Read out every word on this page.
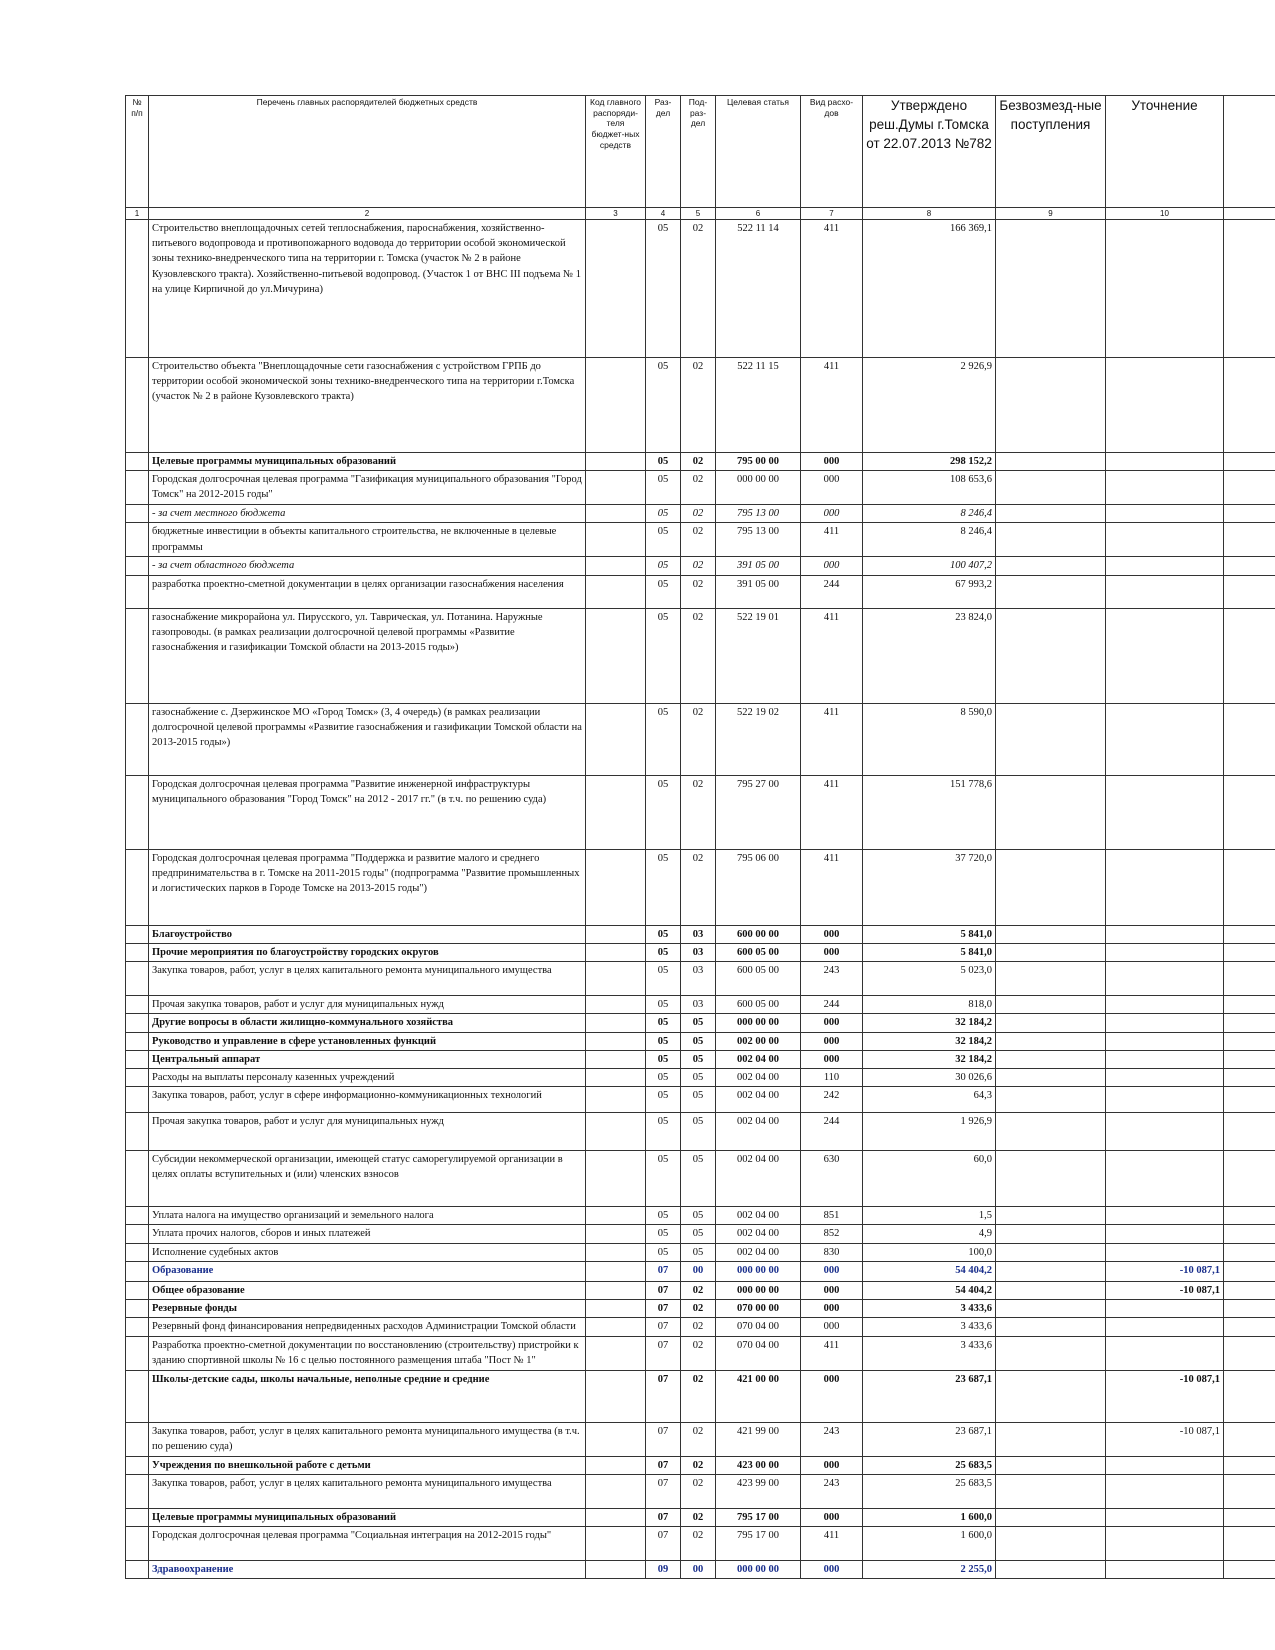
№ п/п	Перечень главных распорядителей бюджетных средств	Код главного распоряди-теля бюджет-ных средств	Раз-дел	Под-раз-дел	Целевая статья	Вид расхо-дов	Утверждено реш.Думы г.Томска от 22.07.2013 №782	Безвозмезд-ные поступления	Уточнение	
1	2	3	4	5	6	7	8	9	10	
	Строительство внеплощадочных сетей теплоснабжения, пароснабжения, хозяйственно-питьевого водопровода и противопожарного водовода до территории особой экономической зоны технико-внедренческого типа на территории г. Томска (участок № 2 в районе Кузовлевского тракта). Хозяйственно-питьевой водопровод. (Участок 1 от ВНС III подъема № 1 на улице Кирпичной до ул.Мичурина)		05	02	522 11 14	411	166 369,1			
	Строительство объекта "Внеплощадочные сети газоснабжения с устройством ГРПБ до территории особой экономической зоны технико-внедренческого типа на территории г.Томска (участок № 2 в районе Кузовлевского тракта)		05	02	522 11 15	411	2 926,9			
	Целевые программы муниципальных образований		05	02	795 00 00	000	298 152,2			
	Городская долгосрочная целевая программа "Газификация муниципального образования "Город Томск" на 2012-2015 годы"		05	02	000 00 00	000	108 653,6			
	- за счет местного бюджета		05	02	795 13 00	000	8 246,4			
	бюджетные инвестиции в объекты капитального строительства, не включенные в целевые программы		05	02	795 13 00	411	8 246,4			
	- за счет областного бюджета		05	02	391 05 00	000	100 407,2			
	разработка проектно-сметной документации в целях организации газоснабжения населения		05	02	391 05 00	244	67 993,2			
	газоснабжение микрорайона ул. Пирусского, ул. Таврическая, ул. Потанина. Наружные газопроводы. (в рамках реализации долгосрочной целевой программы «Развитие газоснабжения и газификации Томской области на 2013-2015 годы»)		05	02	522 19 01	411	23 824,0			
	газоснабжение с. Дзержинское МО «Город Томск» (3, 4 очередь) (в рамках реализации долгосрочной целевой программы «Развитие газоснабжения и газификации Томской области на 2013-2015 годы»)		05	02	522 19 02	411	8 590,0			
	Городская долгосрочная целевая программа "Развитие инженерной инфраструктуры муниципального образования "Город Томск" на 2012 - 2017 гг." (в т.ч. по решению суда)		05	02	795 27 00	411	151 778,6			
	Городская долгосрочная целевая программа "Поддержка и развитие малого и среднего предпринимательства в г. Томске на 2011-2015 годы" (подпрограмма "Развитие промышленных и логистических парков в Городе Томске на 2013-2015 годы")		05	02	795 06 00	411	37 720,0			
	Благоустройство		05	03	600 00 00	000	5 841,0			
	Прочие мероприятия по благоустройству городских округов		05	03	600 05 00	000	5 841,0			
	Закупка товаров, работ, услуг в целях капитального ремонта муниципального имущества		05	03	600 05 00	243	5 023,0			
	Прочая закупка товаров, работ и услуг для муниципальных нужд		05	03	600 05 00	244	818,0			
	Другие вопросы в области жилищно-коммунального хозяйства		05	05	000 00 00	000	32 184,2			
	Руководство и управление в сфере установленных функций		05	05	002 00 00	000	32 184,2			
	Центральный аппарат		05	05	002 04 00	000	32 184,2			
	Расходы на выплаты персоналу казенных учреждений		05	05	002 04 00	110	30 026,6			
	Закупка товаров, работ, услуг в сфере информационно-коммуникационных технологий		05	05	002 04 00	242	64,3			
	Прочая закупка товаров, работ и услуг для муниципальных нужд		05	05	002 04 00	244	1 926,9			
	Субсидии некоммерческой организации, имеющей статус саморегулируемой организации в целях оплаты вступительных и (или) членских взносов		05	05	002 04 00	630	60,0			
	Уплата налога на имущество организаций и земельного налога		05	05	002 04 00	851	1,5			
	Уплата прочих налогов, сборов и иных платежей		05	05	002 04 00	852	4,9			
	Исполнение судебных актов		05	05	002 04 00	830	100,0			
	Образование		07	00	000 00 00	000	54 404,2		-10 087,1	
	Общее образование		07	02	000 00 00	000	54 404,2		-10 087,1	
	Резервные фонды		07	02	070 00 00	000	3 433,6			
	Резервный фонд финансирования непредвиденных расходов Администрации Томской области		07	02	070 04 00	000	3 433,6			
	Разработка проектно-сметной документации по восстановлению (строительству) пристройки к зданию спортивной школы № 16 с целью постоянного размещения штаба "Пост № 1"		07	02	070 04 00	411	3 433,6			
	Школы-детские сады, школы начальные, неполные средние и средние		07	02	421 00 00	000	23 687,1		-10 087,1	
	Закупка товаров, работ, услуг в целях капитального ремонта муниципального имущества (в т.ч. по решению суда)		07	02	421 99 00	243	23 687,1		-10 087,1	
	Учреждения по внешкольной работе с детьми		07	02	423 00 00	000	25 683,5			
	Закупка товаров, работ, услуг в целях капитального ремонта муниципального имущества		07	02	423 99 00	243	25 683,5			
	Целевые программы муниципальных образований		07	02	795 17 00	000	1 600,0			
	Городская долгосрочная целевая программа "Социальная интеграция на 2012-2015 годы"		07	02	795 17 00	411	1 600,0			
	Здравоохранение		09	00	000 00 00	000	2 255,0			
